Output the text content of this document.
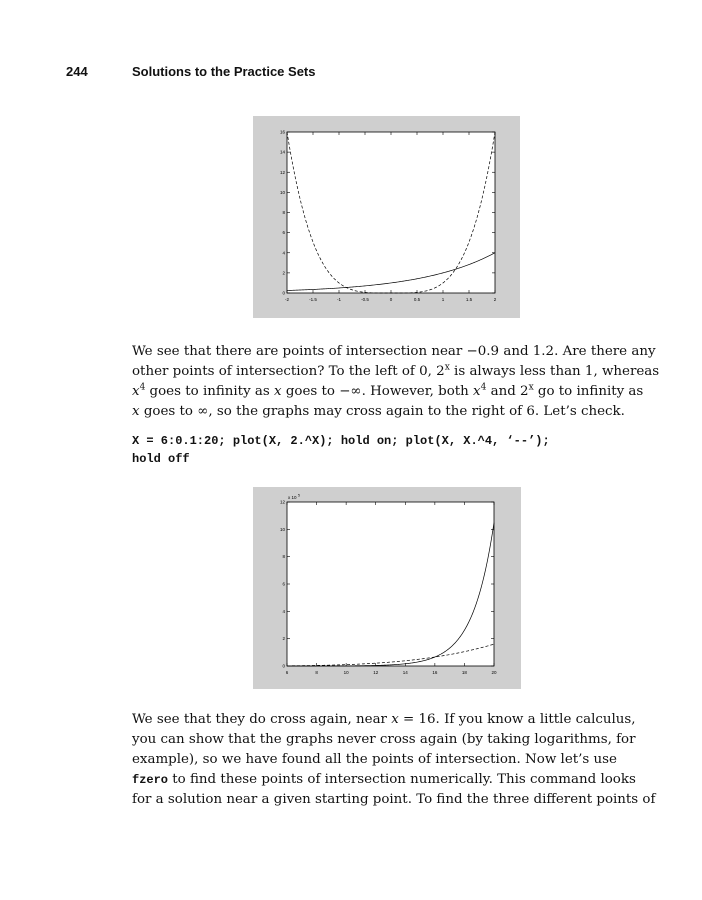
244	Solutions to the Practice Sets
-2	-1.5	-1	-0.5	0	0.5	1	1.5	2
0
2
4
6
8
10
12
14
16

We see that there are points of intersection near −0.9 and 1.2. Are there any
other points of intersection? To the left of 0, 2$^x$ is always less than 1, whereas
$x^4$ goes to infinity as x goes to −∞. However, both $x^4$ and 2$^x$ go to infinity as
x goes to ∞, so the graphs may cross again to the right of 6. Let’s check.

X = 6:0.1:20; plot(X, 2.^X); hold on; plot(X, X.^4, ‘--’);
hold off
6	8	10	12	14	16	18	20
0
2
4
6
8
10
12
x 10 5

We see that they do cross again, near x = 16. If you know a little calculus,
you can show that the graphs never cross again (by taking logarithms, for
example), so we have found all the points of intersection. Now let’s use
fzero to find these points of intersection numerically. This command looks
for a solution near a given starting point. To find the three different points of
